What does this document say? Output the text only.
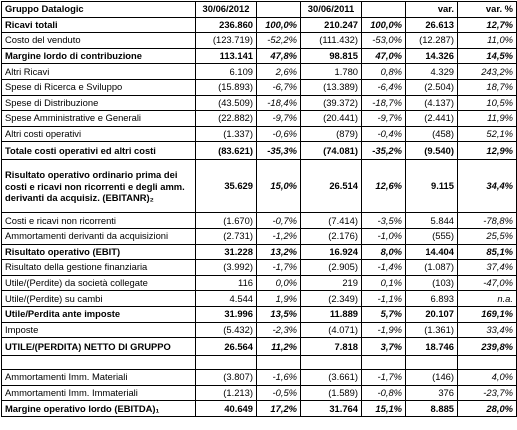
Gruppo Datalogic	30/06/2012		30/06/2011		var.	var. %
Ricavi totali	236.860	100,0%	210.247	100,0%	26.613	12,7%
Costo del venduto	(123.719)	-52,2%	(111.432)	-53,0%	(12.287)	11,0%
Margine lordo di contribuzione	113.141	47,8%	98.815	47,0%	14.326	14,5%
Altri Ricavi	6.109	2,6%	1.780	0,8%	4.329	243,2%
Spese di Ricerca e Sviluppo	(15.893)	-6,7%	(13.389)	-6,4%	(2.504)	18,7%
Spese di Distribuzione	(43.509)	-18,4%	(39.372)	-18,7%	(4.137)	10,5%
Spese Amministrative e Generali	(22.882)	-9,7%	(20.441)	-9,7%	(2.441)	11,9%
Altri costi operativi	(1.337)	-0,6%	(879)	-0,4%	(458)	52,1%
Totale costi operativi ed altri costi	(83.621)	-35,3%	(74.081)	-35,2%	(9.540)	12,9%
Risultato operativo ordinario prima dei costi e ricavi non ricorrenti e degli amm. derivanti da acquisiz. (EBITANR)₂	35.629	15,0%	26.514	12,6%	9.115	34,4%
Costi e ricavi non ricorrenti	(1.670)	-0,7%	(7.414)	-3,5%	5.844	-78,8%
Ammortamenti derivanti da acquisizioni	(2.731)	-1,2%	(2.176)	-1,0%	(555)	25,5%
Risultato operativo (EBIT)	31.228	13,2%	16.924	8,0%	14.404	85,1%
Risultato della gestione finanziaria	(3.992)	-1,7%	(2.905)	-1,4%	(1.087)	37,4%
Utile/(Perdite) da società collegate	116	0,0%	219	0,1%	(103)	-47,0%
Utile/(Perdite) su cambi	4.544	1,9%	(2.349)	-1,1%	6.893	n.a.
Utile/Perdita ante imposte	31.996	13,5%	11.889	5,7%	20.107	169,1%
Imposte	(5.432)	-2,3%	(4.071)	-1,9%	(1.361)	33,4%
UTILE/(PERDITA) NETTO DI GRUPPO	26.564	11,2%	7.818	3,7%	18.746	239,8%

Ammortamenti Imm. Materiali	(3.807)	-1,6%	(3.661)	-1,7%	(146)	4,0%
Ammortamenti Imm. Immateriali	(1.213)	-0,5%	(1.589)	-0,8%	376	-23,7%
Margine operativo lordo (EBITDA)₁	40.649	17,2%	31.764	15,1%	8.885	28,0%
